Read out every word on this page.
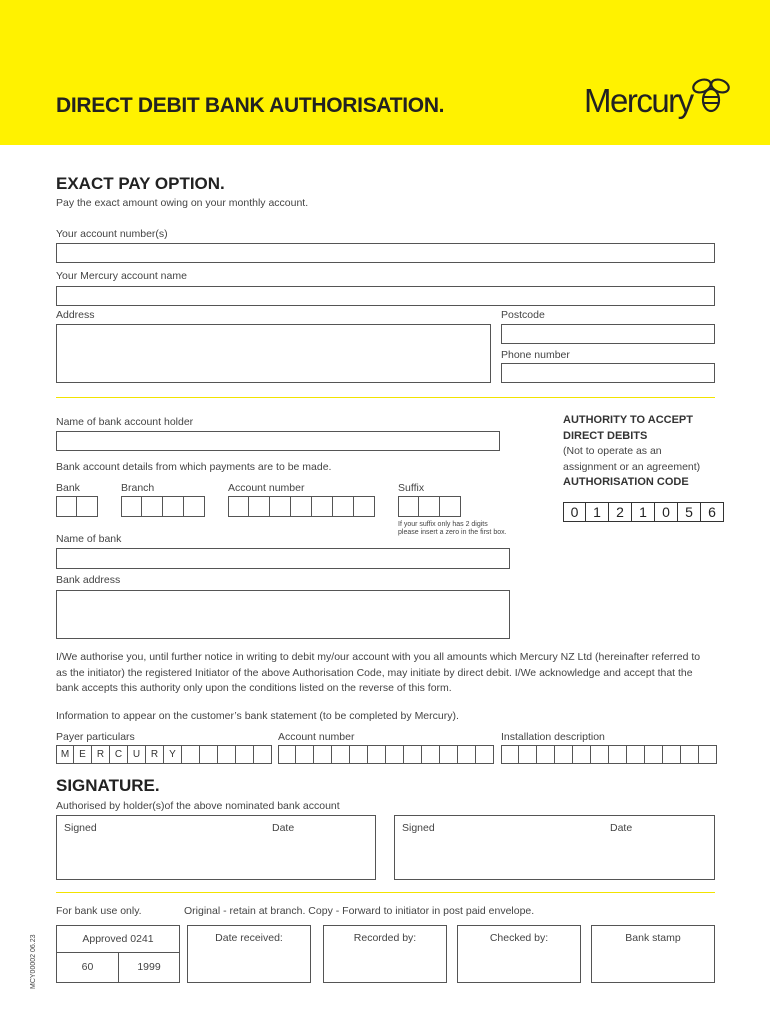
DIRECT DEBIT BANK AUTHORISATION.	Mercury
EXACT PAY OPTION.
Pay the exact amount owing on your monthly account.
Your account number(s)
Your Mercury account name
Address	Postcode
Phone number
Name of bank account holder
Bank account details from which payments are to be made.
Bank	Branch	Account number	Suffix
If your suffix only has 2 digits
please insert a zero in the first box.
Name of bank
Bank address
AUTHORITY TO ACCEPT
DIRECT DEBITS
(Not to operate as an
assignment or an agreement)
AUTHORISATION CODE
0	1	2	1	0	5	6
I/We authorise you, until further notice in writing to debit my/our account with you all amounts which Mercury NZ Ltd (hereinafter referred to
as the initiator) the registered Initiator of the above Authorisation Code, may initiate by direct debit. I/We acknowledge and accept that the
bank accepts this authority only upon the conditions listed on the reverse of this form.
Information to appear on the customer’s bank statement (to be completed by Mercury).
Payer particulars	Account number	Installation description
M E	R	C	U	R	Y
SIGNATURE.
Authorised by holder(s)of the above nominated bank account
Signed	Date	Signed	Date
For bank use only.	Original - retain at branch. Copy - Forward to initiator in post paid envelope.
Approved 0241
60	1999
Date received:	Recorded by:	Checked by:	Bank stamp
MCY00002 06.23
